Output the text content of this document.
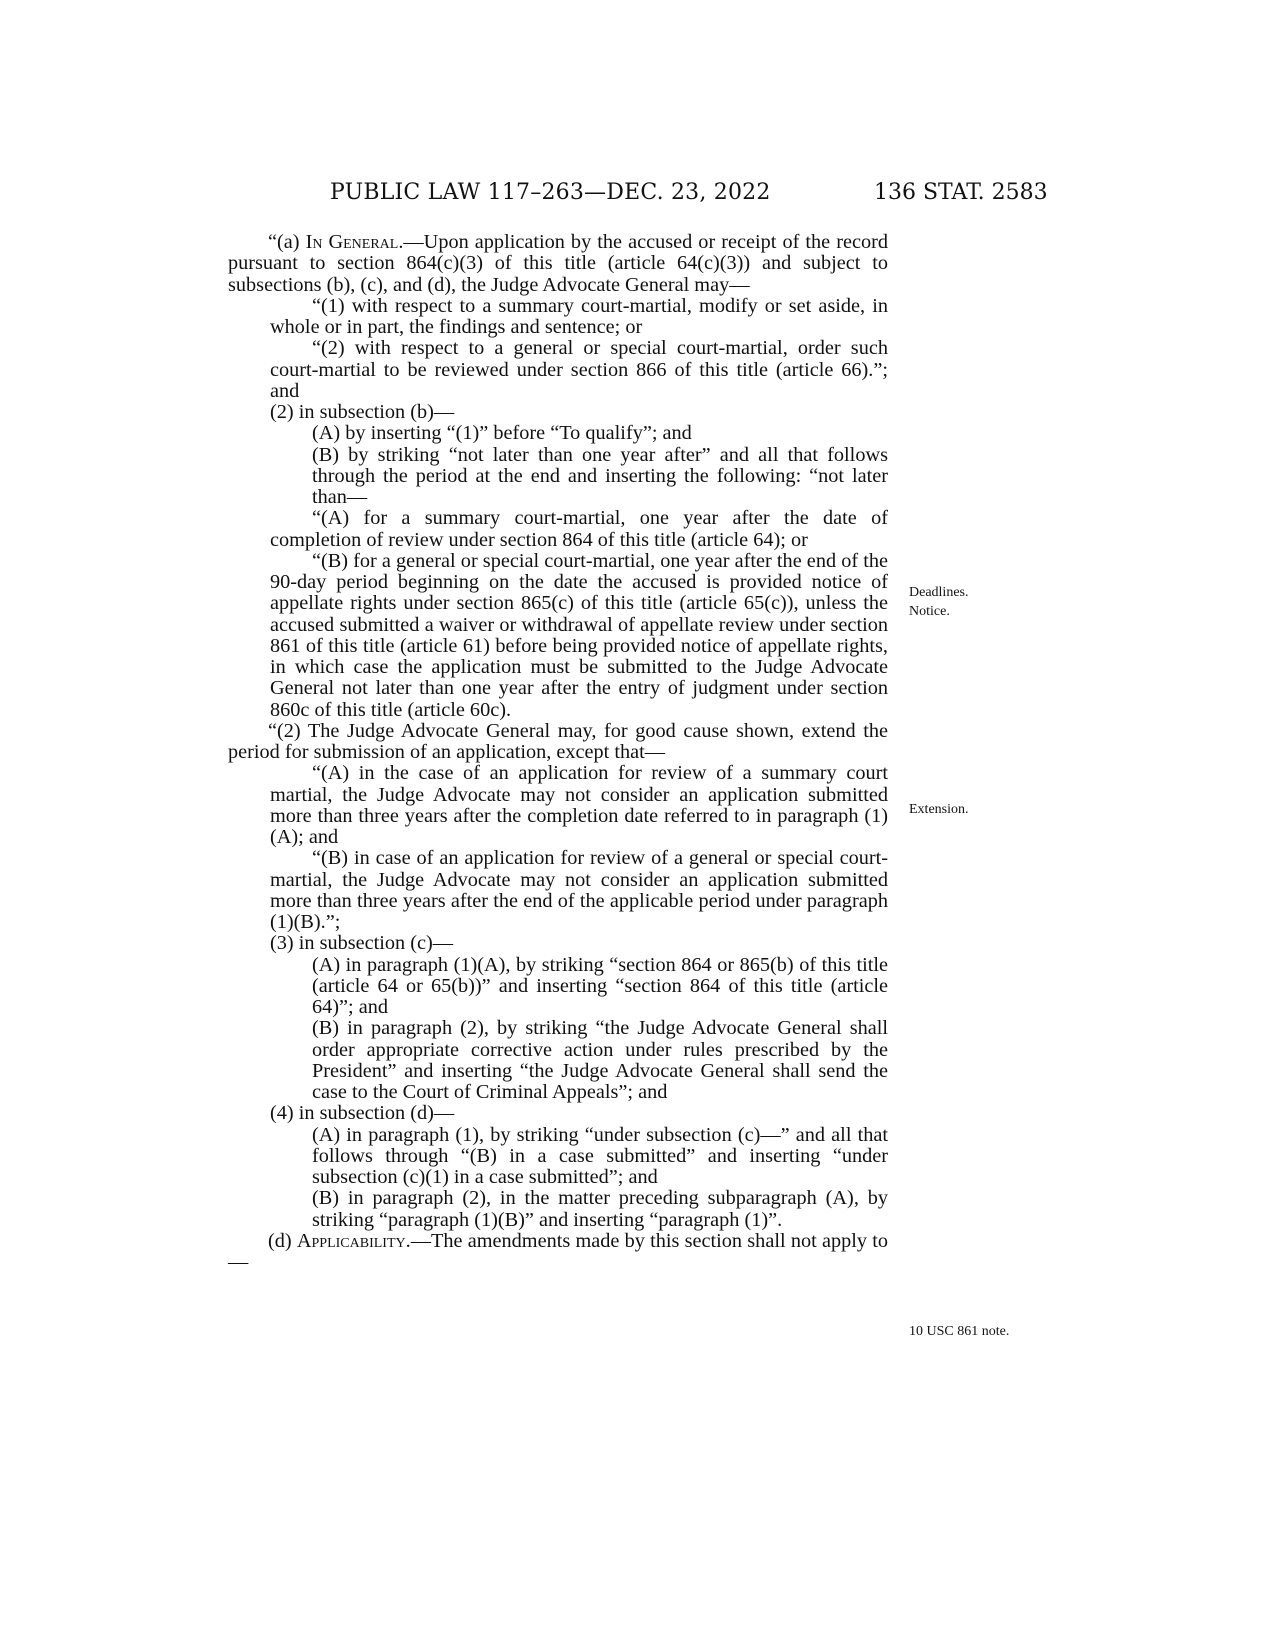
PUBLIC LAW 117–263—DEC. 23, 2022	136 STAT. 2583

“(a) In General.—Upon application by the accused or receipt of the record pursuant to section 864(c)(3) of this title (article 64(c)(3)) and subject to subsections (b), (c), and (d), the Judge Advocate General may—

“(1) with respect to a summary court-martial, modify or set aside, in whole or in part, the findings and sentence; or

“(2) with respect to a general or special court-martial, order such court-martial to be reviewed under section 866 of this title (article 66).”; and

(2) in subsection (b)—

(A) by inserting “(1)” before “To qualify”; and

(B) by striking “not later than one year after” and all that follows through the period at the end and inserting the following: “not later than—

“(A) for a summary court-martial, one year after the date of completion of review under section 864 of this title (article 64); or

“(B) for a general or special court-martial, one year after the end of the 90-day period beginning on the date the accused is provided notice of appellate rights under section 865(c) of this title (article 65(c)), unless the accused submitted a waiver or withdrawal of appellate review under section 861 of this title (article 61) before being provided notice of appellate rights, in which case the application must be submitted to the Judge Advocate General not later than one year after the entry of judgment under section 860c of this title (article 60c).

“(2) The Judge Advocate General may, for good cause shown, extend the period for submission of an application, except that—

“(A) in the case of an application for review of a summary court martial, the Judge Advocate may not consider an application submitted more than three years after the completion date referred to in paragraph (1)(A); and

“(B) in case of an application for review of a general or special court-martial, the Judge Advocate may not consider an application submitted more than three years after the end of the applicable period under paragraph (1)(B).”;

(3) in subsection (c)—

(A) in paragraph (1)(A), by striking “section 864 or 865(b) of this title (article 64 or 65(b))” and inserting “section 864 of this title (article 64)”; and

(B) in paragraph (2), by striking “the Judge Advocate General shall order appropriate corrective action under rules prescribed by the President” and inserting “the Judge Advocate General shall send the case to the Court of Criminal Appeals”; and

(4) in subsection (d)—

(A) in paragraph (1), by striking “under subsection (c)—” and all that follows through “(B) in a case submitted” and inserting “under subsection (c)(1) in a case submitted”; and

(B) in paragraph (2), in the matter preceding subparagraph (A), by striking “paragraph (1)(B)” and inserting “paragraph (1)”.

(d) Applicability.—The amendments made by this section shall not apply to—

Deadlines.
Notice.
Extension.
10 USC 861 note.
